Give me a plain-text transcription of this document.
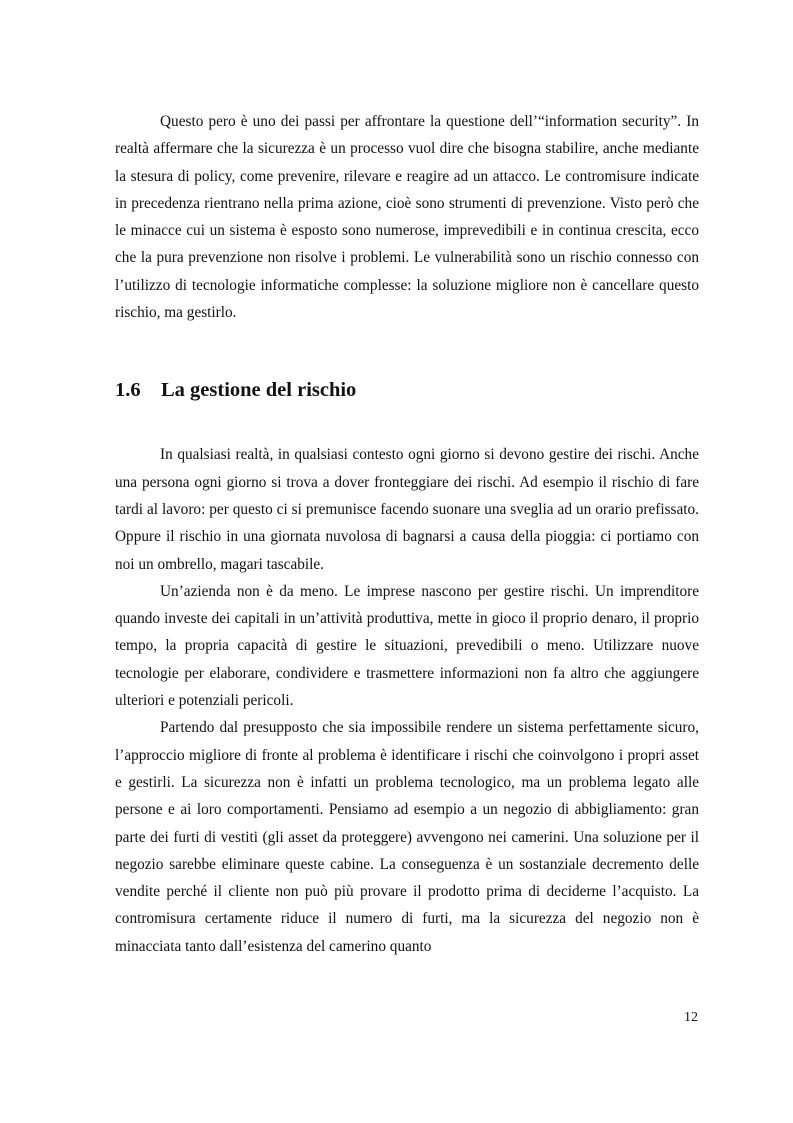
Questo pero è uno dei passi per affrontare la questione dell’“information security”. In realtà affermare che la sicurezza è un processo vuol dire che bisogna stabilire, anche mediante la stesura di policy, come prevenire, rilevare e reagire ad un attacco. Le contromisure indicate in precedenza rientrano nella prima azione, cioè sono strumenti di prevenzione. Visto però che le minacce cui un sistema è esposto sono numerose, imprevedibili e in continua crescita, ecco che la pura prevenzione non risolve i problemi. Le vulnerabilità sono un rischio connesso con l’utilizzo di tecnologie informatiche complesse: la soluzione migliore non è cancellare questo rischio, ma gestirlo.

1.6 La gestione del rischio

In qualsiasi realtà, in qualsiasi contesto ogni giorno si devono gestire dei rischi. Anche una persona ogni giorno si trova a dover fronteggiare dei rischi. Ad esempio il rischio di fare tardi al lavoro: per questo ci si premunisce facendo suonare una sveglia ad un orario prefissato. Oppure il rischio in una giornata nuvolosa di bagnarsi a causa della pioggia: ci portiamo con noi un ombrello, magari tascabile.

Un’azienda non è da meno. Le imprese nascono per gestire rischi. Un imprenditore quando investe dei capitali in un’attività produttiva, mette in gioco il proprio denaro, il proprio tempo, la propria capacità di gestire le situazioni, prevedibili o meno. Utilizzare nuove tecnologie per elaborare, condividere e trasmettere informazioni non fa altro che aggiungere ulteriori e potenziali pericoli.

Partendo dal presupposto che sia impossibile rendere un sistema perfettamente sicuro, l’approccio migliore di fronte al problema è identificare i rischi che coinvolgono i propri asset e gestirli. La sicurezza non è infatti un problema tecnologico, ma un problema legato alle persone e ai loro comportamenti. Pensiamo ad esempio a un negozio di abbigliamento: gran parte dei furti di vestiti (gli asset da proteggere) avvengono nei camerini. Una soluzione per il negozio sarebbe eliminare queste cabine. La conseguenza è un sostanziale decremento delle vendite perché il cliente non può più provare il prodotto prima di deciderne l’acquisto. La contromisura certamente riduce il numero di furti, ma la sicurezza del negozio non è minacciata tanto dall’esistenza del camerino quanto

12
